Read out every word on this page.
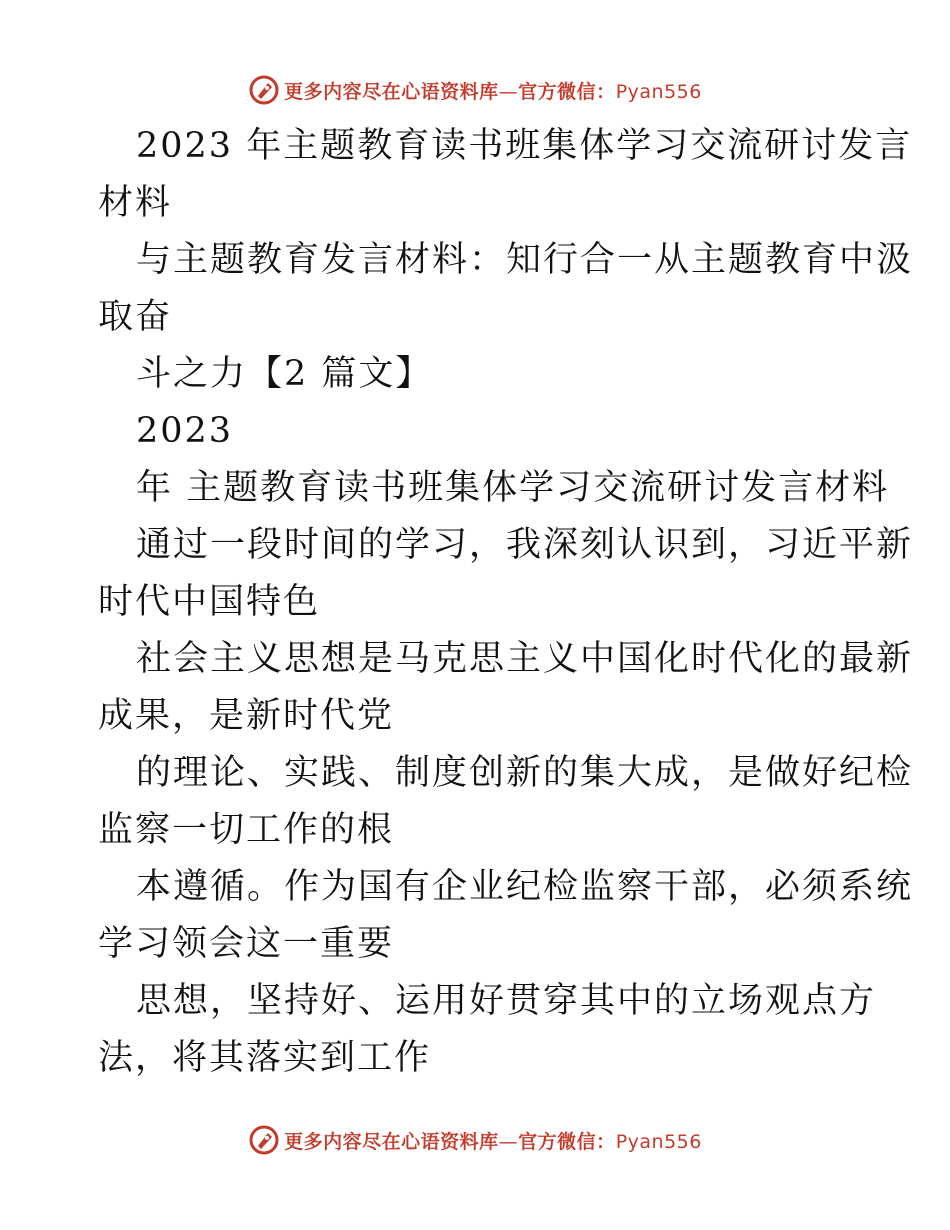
更多内容尽在心语资料库—官方微信：Pyan556
2023 年主题教育读书班集体学习交流研讨发言
材料
与主题教育发言材料：知行合一从主题教育中汲
取奋
斗之力【2 篇文】
2023
年 主题教育读书班集体学习交流研讨发言材料
通过一段时间的学习，我深刻认识到，习近平新
时代中国特色
社会主义思想是马克思主义中国化时代化的最新
成果，是新时代党
的理论、实践、制度创新的集大成，是做好纪检
监察一切工作的根
本遵循。作为国有企业纪检监察干部，必须系统
学习领会这一重要
思想，坚持好、运用好贯穿其中的立场观点方
法，将其落实到工作
更多内容尽在心语资料库—官方微信：Pyan556
